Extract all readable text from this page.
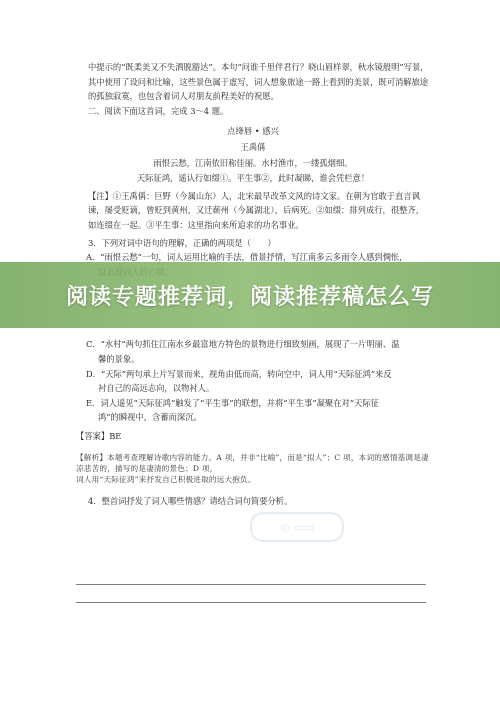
中提示的“既柔美又不失洒脱豁达”。本句“问谁千里伴君行？晓山眉样翠，秋水镜般明”写景，其中使用了设问和比喻，这些景色属于虚写，词人想象旅途一路上看到的美景，既可消解旅途的孤独寂寞，也包含着词人对朋友前程美好的祝愿。

二、阅读下面这首词，完成 3～4 题。

点绛唇 • 感兴

王禹偁

雨恨云愁，江南依旧称佳丽。水村渔市，一缕孤烟细。

天际征鸿，遥认行如缀①。平生事②，此时凝睇，谁会凭栏意！

【注】①王禹偁：巨野（今属山东）人，北宋最早改革文风的诗文家。在朝为官敢于直言讽谏，屡受贬谪，曾贬到黄州，又迁蕲州（今属湖北），后病死。②如缀：排列成行，很整齐，如连缀在一起。③平生事：这里指向来所追求的功名事业。

3．下列对词中语句的理解，正确的两项是（　　）

A．“雨恨云愁”一句，词人运用比喻的手法，借景抒情，写江南多云多雨令人感到惆怅，

C．“水村”两句抓住江南水乡最富地方特色的景物进行细致刻画，展现了一片明丽、温

馨的景象。

D．“天际”两句承上片写景而来，视角由低而高，转向空中，词人用“天际征鸿”来反

衬自己的高远志向，以物衬人。

E．词人遥见“天际征鸿”触发了“平生事”的联想，并将“平生事”凝聚在对“天际征

鸿”的瞬视中，含蓄而深沉。

【答案】BE

【解析】本题考查理解诗歌内容的能力。A 项，并非“比喻”，而是“拟人”；C 项，本词的感情基调是凄凉悲苦的，描写的是凄清的景色；D 项，

词人用“天际征鸿”来抒发自己积极进取的远大抱负。

4．整首词抒发了词人哪些情感？请结合词句简要分析。

◎ ▭▭
阅读专题推荐词，阅读推荐稿怎么写
